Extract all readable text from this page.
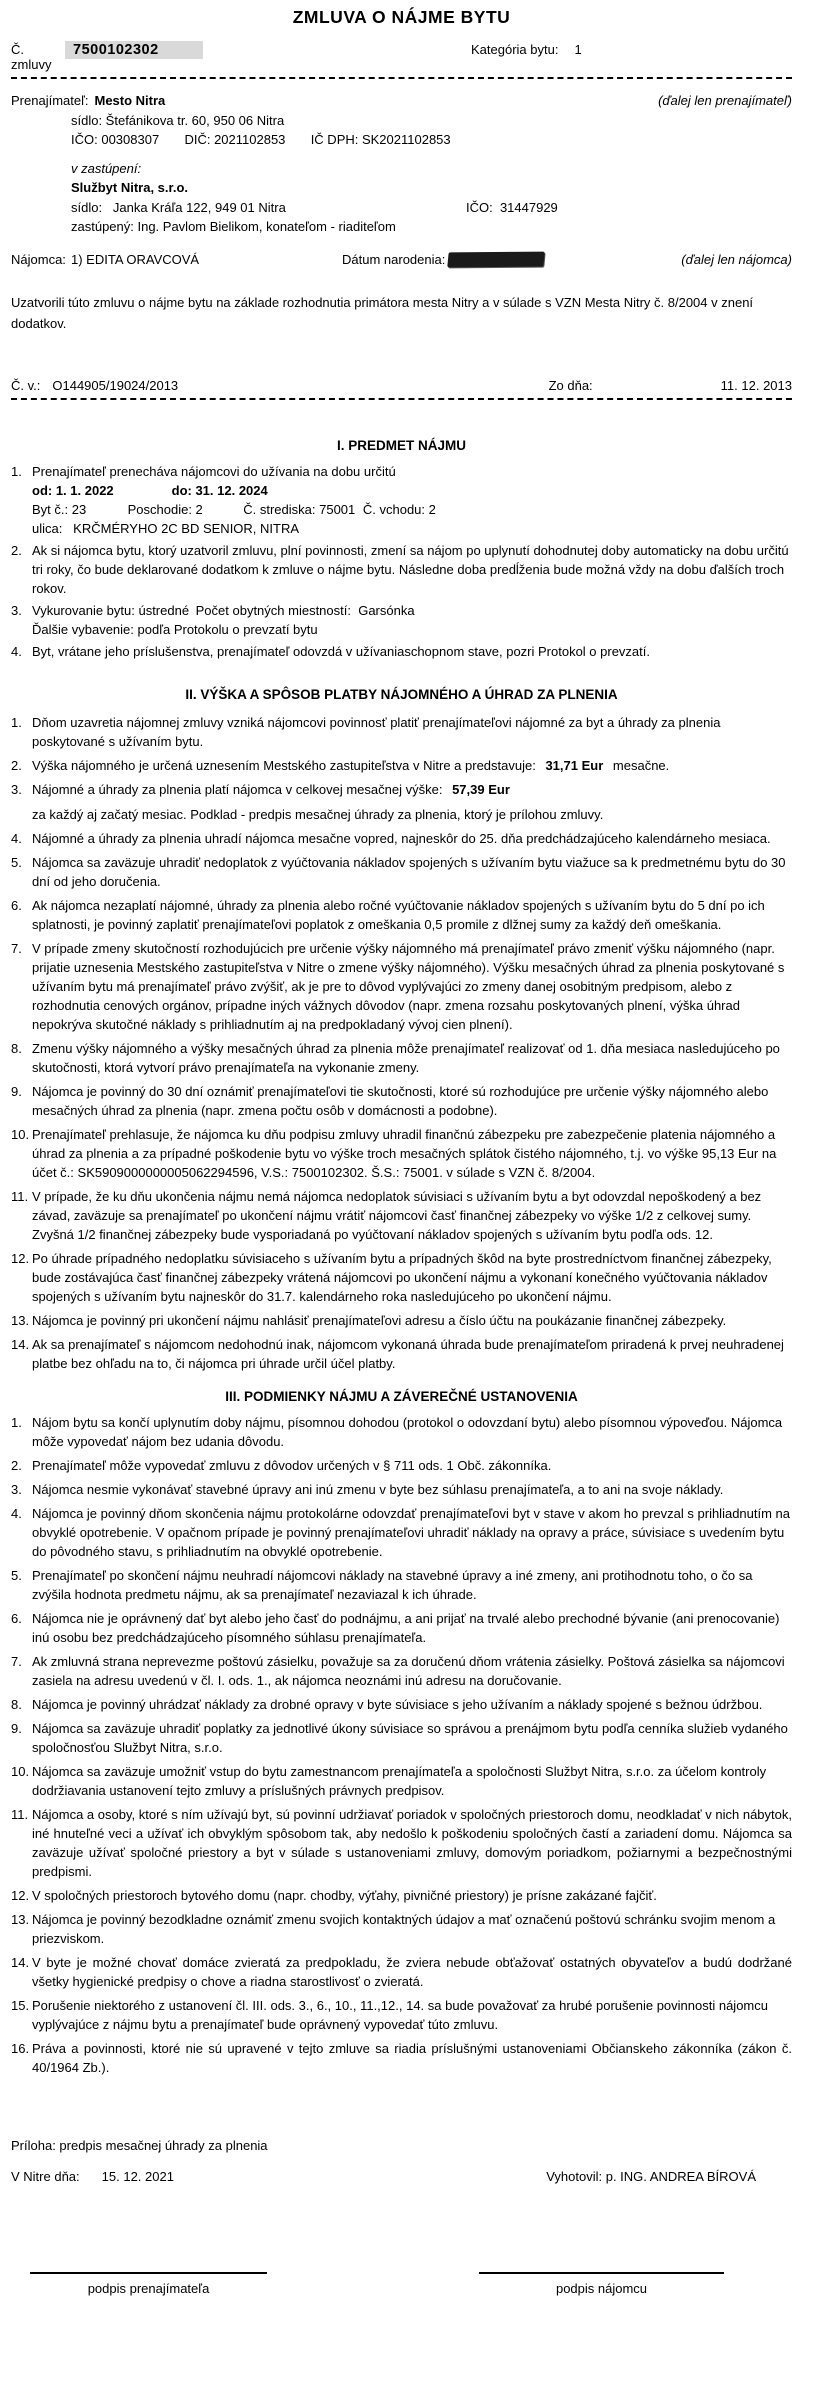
ZMLUVA O NÁJME BYTU
Č. zmluvy
7500102302	Kategória bytu: 1
Prenajímateľ: Mesto Nitra	(ďalej len prenajímateľ)
sídlo: Štefánikova tr. 60, 950 06 Nitra
IČO: 00308307       DIČ: 2021102853       IČ DPH: SK2021102853
v zastúpení:
Službyt Nitra, s.r.o.
sídlo:   Janka Kráľa 122, 949 01 Nitra	IČO:  31447929
zastúpený: Ing. Pavlom Bielikom, konateľom - riaditeľom
Nájomca: 1) EDITA ORAVCOVÁ	Dátum narodenia:	(ďalej len nájomca)
Uzatvorili túto zmluvu o nájme bytu na základe rozhodnutia primátora mesta Nitry a v súlade s VZN Mesta Nitry č. 8/2004 v znení dodatkov.
Č. v.: O144905/19024/2013	Zo dňa:	11. 12. 2013
I. PREDMET NÁJMU
1. Prenajímateľ prenecháva nájomcovi do užívania na dobu určitú
od: 1. 1. 2022	do: 31. 12. 2024
Byt č.: 23	Poschodie: 2	Č. strediska: 75001 Č. vchodu: 2
ulica:   KRČMÉRYHO 2C BD SENIOR, NITRA
2. Ak si nájomca bytu, ktorý uzatvoril zmluvu, plní povinnosti, zmení sa nájom po uplynutí dohodnutej doby automaticky na dobu určitú tri roky, čo bude deklarované dodatkom k zmluve o nájme bytu. Následne doba predĺženia bude možná vždy na dobu ďalších troch rokov.
3. Vykurovanie bytu: ústredné Počet obytných miestností:  Garsónka
Ďalšie vybavenie: podľa Protokolu o prevzatí bytu
4. Byt, vrátane jeho príslušenstva, prenajímateľ odovzdá v užívaniaschopnom stave, pozri Protokol o prevzatí.
II. VÝŠKA A SPÔSOB PLATBY NÁJOMNÉHO A ÚHRAD ZA PLNENIA
1. Dňom uzavretia nájomnej zmluvy vzniká nájomcovi povinnosť platiť prenajímateľovi nájomné za byt a úhrady za plnenia poskytované s užívaním bytu.
2. Výška nájomného je určená uznesením Mestského zastupiteľstva v Nitre a predstavuje: 31,71 Eur mesačne.
3. Nájomné a úhrady za plnenia platí nájomca v celkovej mesačnej výške: 57,39 Eur
za každý aj začatý mesiac. Podklad - predpis mesačnej úhrady za plnenia, ktorý je prílohou zmluvy.
4. Nájomné a úhrady za plnenia uhradí nájomca mesačne vopred, najneskôr do 25. dňa predchádzajúceho kalendárneho mesiaca.
5. Nájomca sa zaväzuje uhradiť nedoplatok z vyúčtovania nákladov spojených s užívaním bytu viažuce sa k predmetnému bytu do 30 dní od jeho doručenia.
6. Ak nájomca nezaplatí nájomné, úhrady za plnenia alebo ročné vyúčtovanie nákladov spojených s užívaním bytu do 5 dní po ich splatnosti, je povinný zaplatiť prenajímateľovi poplatok z omeškania 0,5 promile z dlžnej sumy za každý deň omeškania.
7. V prípade zmeny skutočností rozhodujúcich pre určenie výšky nájomného má prenajímateľ právo zmeniť výšku nájomného (napr. prijatie uznesenia Mestského zastupiteľstva v Nitre o zmene výšky nájomného). Výšku mesačných úhrad za plnenia poskytované s užívaním bytu má prenajímateľ právo zvýšiť, ak je pre to dôvod vyplývajúci zo zmeny danej osobitným predpisom, alebo z rozhodnutia cenových orgánov, prípadne iných vážnych dôvodov (napr. zmena rozsahu poskytovaných plnení, výška úhrad nepokrýva skutočné náklady s prihliadnutím aj na predpokladaný vývoj cien plnení).
8. Zmenu výšky nájomného a výšky mesačných úhrad za plnenia môže prenajímateľ realizovať od 1. dňa mesiaca nasledujúceho po skutočnosti, ktorá vytvorí právo prenajímateľa na vykonanie zmeny.
9. Nájomca je povinný do 30 dní oznámiť prenajímateľovi tie skutočnosti, ktoré sú rozhodujúce pre určenie výšky nájomného alebo mesačných úhrad za plnenia (napr. zmena počtu osôb v domácnosti a podobne).
10. Prenajímateľ prehlasuje, že nájomca ku dňu podpisu zmluvy uhradil finančnú zábezpeku pre zabezpečenie platenia nájomného a úhrad za plnenia a za prípadné poškodenie bytu vo výške troch mesačných splátok čistého nájomného, t.j. vo výške 95,13 Eur na účet č.: SK5909000000005062294596, V.S.: 7500102302. Š.S.: 75001. v súlade s VZN č. 8/2004.
11. V prípade, že ku dňu ukončenia nájmu nemá nájomca nedoplatok súvisiaci s užívaním bytu a byt odovzdal nepoškodený a bez závad, zaväzuje sa prenajímateľ po ukončení nájmu vrátiť nájomcovi časť finančnej zábezpeky vo výške 1/2 z celkovej sumy. Zvyšná 1/2 finančnej zábezpeky bude vysporiadaná po vyúčtovaní nákladov spojených s užívaním bytu podľa ods. 12.
12. Po úhrade prípadného nedoplatku súvisiaceho s užívaním bytu a prípadných škôd na byte prostredníctvom finančnej zábezpeky, bude zostávajúca časť finančnej zábezpeky vrátená nájomcovi po ukončení nájmu a vykonaní konečného vyúčtovania nákladov spojených s užívaním bytu najneskôr do 31.7. kalendárneho roka nasledujúceho po ukončení nájmu.
13. Nájomca je povinný pri ukončení nájmu nahlásiť prenajímateľovi adresu a číslo účtu na poukázanie finančnej zábezpeky.
14. Ak sa prenajímateľ s nájomcom nedohodnú inak, nájomcom vykonaná úhrada bude prenajímateľom priradená k prvej neuhradenej platbe bez ohľadu na to, či nájomca pri úhrade určil účel platby.
III. PODMIENKY NÁJMU A ZÁVEREČNÉ USTANOVENIA
1. Nájom bytu sa končí uplynutím doby nájmu, písomnou dohodou (protokol o odovzdaní bytu) alebo písomnou výpoveďou. Nájomca môže vypovedať nájom bez udania dôvodu.
2. Prenajímateľ môže vypovedať zmluvu z dôvodov určených v § 711 ods. 1 Obč. zákonníka.
3. Nájomca nesmie vykonávať stavebné úpravy ani inú zmenu v byte bez súhlasu prenajímateľa, a to ani na svoje náklady.
4. Nájomca je povinný dňom skončenia nájmu protokolárne odovzdať prenajímateľovi byt v stave v akom ho prevzal s prihliadnutím na obvyklé opotrebenie. V opačnom prípade je povinný prenajímateľovi uhradiť náklady na opravy a práce, súvisiace s uvedením bytu do pôvodného stavu, s prihliadnutím na obvyklé opotrebenie.
5. Prenajímateľ po skončení nájmu neuhradí nájomcovi náklady na stavebné úpravy a iné zmeny, ani protihodnotu toho, o čo sa zvýšila hodnota predmetu nájmu, ak sa prenajímateľ nezaviazal k ich úhrade.
6. Nájomca nie je oprávnený dať byt alebo jeho časť do podnájmu, a ani prijať na trvalé alebo prechodné bývanie (ani prenocovanie) inú osobu bez predchádzajúceho písomného súhlasu prenajímateľa.
7. Ak zmluvná strana neprevezme poštovú zásielku, považuje sa za doručenú dňom vrátenia zásielky. Poštová zásielka sa nájomcovi zasiela na adresu uvedenú v čl. I. ods. 1., ak nájomca neoznámi inú adresu na doručovanie.
8. Nájomca je povinný uhrádzať náklady za drobné opravy v byte súvisiace s jeho užívaním a náklady spojené s bežnou údržbou.
9. Nájomca sa zaväzuje uhradiť poplatky za jednotlivé úkony súvisiace so správou a prenájmom bytu podľa cenníka služieb vydaného spoločnosťou Službyt Nitra, s.r.o.
10. Nájomca sa zaväzuje umožniť vstup do bytu zamestnancom prenajímateľa a spoločnosti Službyt Nitra, s.r.o. za účelom kontroly dodržiavania ustanovení tejto zmluvy a príslušných právnych predpisov.
11. Nájomca a osoby, ktoré s ním užívajú byt, sú povinní udržiavať poriadok v spoločných priestoroch domu, neodkladať v nich nábytok, iné hnuteľné veci a užívať ich obvyklým spôsobom tak, aby nedošlo k poškodeniu spoločných častí a zariadení domu. Nájomca sa zaväzuje užívať spoločné priestory a byt v súlade s ustanoveniami zmluvy, domovým poriadkom, požiarnymi a bezpečnostnými predpismi.
12. V spoločných priestoroch bytového domu (napr. chodby, výťahy, pivničné priestory) je prísne zakázané fajčiť.
13. Nájomca je povinný bezodkladne oznámiť zmenu svojich kontaktných údajov a mať označenú poštovú schránku svojim menom a priezviskom.
14. V byte je možné chovať domáce zvieratá za predpokladu, že zviera nebude obťažovať ostatných obyvateľov a budú dodržané všetky hygienické predpisy o chove a riadna starostlivosť o zvieratá.
15. Porušenie niektorého z ustanovení čl. III. ods. 3., 6., 10., 11.,12., 14. sa bude považovať za hrubé porušenie povinnosti nájomcu vyplývajúce z nájmu bytu a prenajímateľ bude oprávnený vypovedať túto zmluvu.
16. Práva a povinnosti, ktoré nie sú upravené v tejto zmluve sa riadia príslušnými ustanoveniami Občianskeho zákonníka (zákon č. 40/1964 Zb.).
Príloha: predpis mesačnej úhrady za plnenia
V Nitre dňa: 15. 12. 2021	Vyhotovil: p. ING. ANDREA BÍROVÁ
podpis prenajímateľa	podpis nájomcu
